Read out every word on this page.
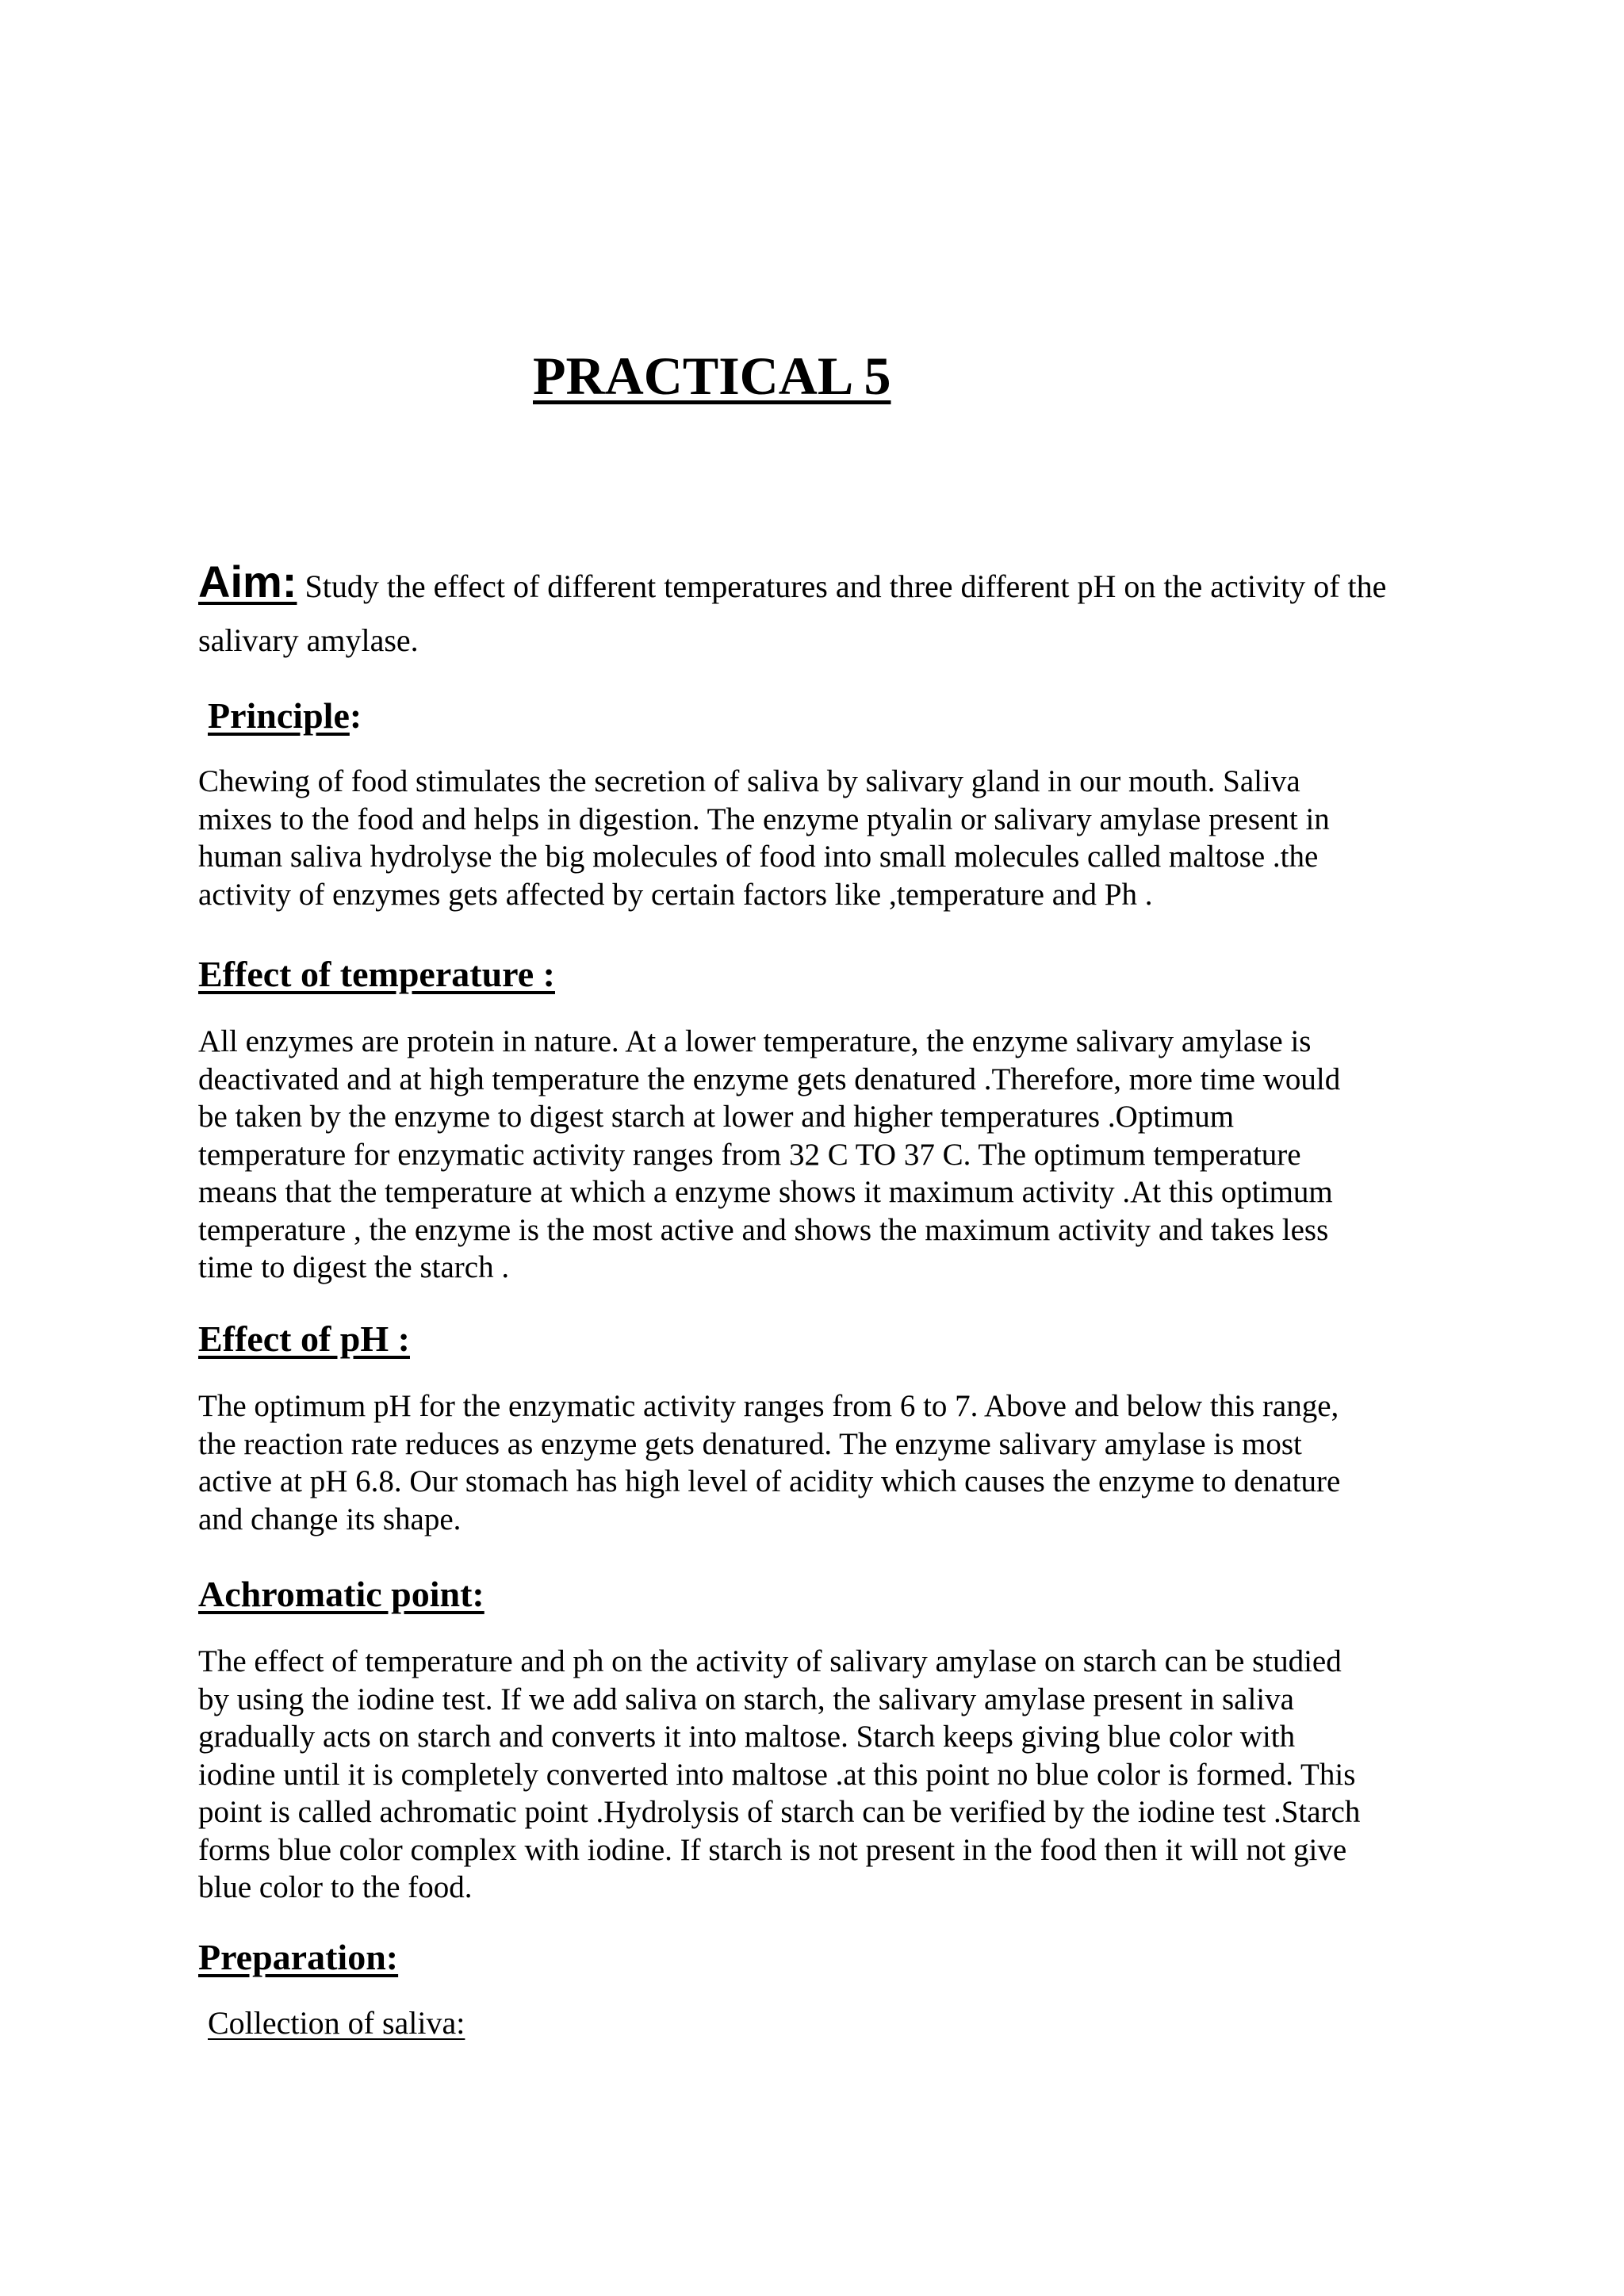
PRACTICAL 5
Aim: Study the effect of different temperatures and three different pH on the activity of the
salivary amylase.
Principle:
Chewing of food stimulates the secretion of saliva by salivary gland in our mouth. Saliva
mixes to the food and helps in digestion. The enzyme ptyalin or salivary amylase present in
human saliva hydrolyse the big molecules of food into small molecules called maltose .the
activity of enzymes gets affected by certain factors like ,temperature and Ph .
Effect of temperature :
All enzymes are protein in nature. At a lower temperature, the enzyme salivary amylase is
deactivated and at high temperature the enzyme gets denatured .Therefore, more time would
be taken by the enzyme to digest starch at lower and higher temperatures .Optimum
temperature for enzymatic activity ranges from 32 C TO 37 C. The optimum temperature
means that the temperature at which a enzyme shows it maximum activity .At this optimum
temperature , the enzyme is the most active and shows the maximum activity and takes less
time to digest the starch .
Effect of pH :
The optimum pH for the enzymatic activity ranges from 6 to 7. Above and below this range,
the reaction rate reduces as enzyme gets denatured. The enzyme salivary amylase is most
active at pH 6.8. Our stomach has high level of acidity which causes the enzyme to denature
and change its shape.
Achromatic point:
The effect of temperature and ph on the activity of salivary amylase on starch can be studied
by using the iodine test. If we add saliva on starch, the salivary amylase present in saliva
gradually acts on starch and converts it into maltose. Starch keeps giving blue color with
iodine until it is completely converted into maltose .at this point no blue color is formed. This
point is called achromatic point .Hydrolysis of starch can be verified by the iodine test .Starch
forms blue color complex with iodine. If starch is not present in the food then it will not give
blue color to the food.
Preparation:
Collection of saliva:
